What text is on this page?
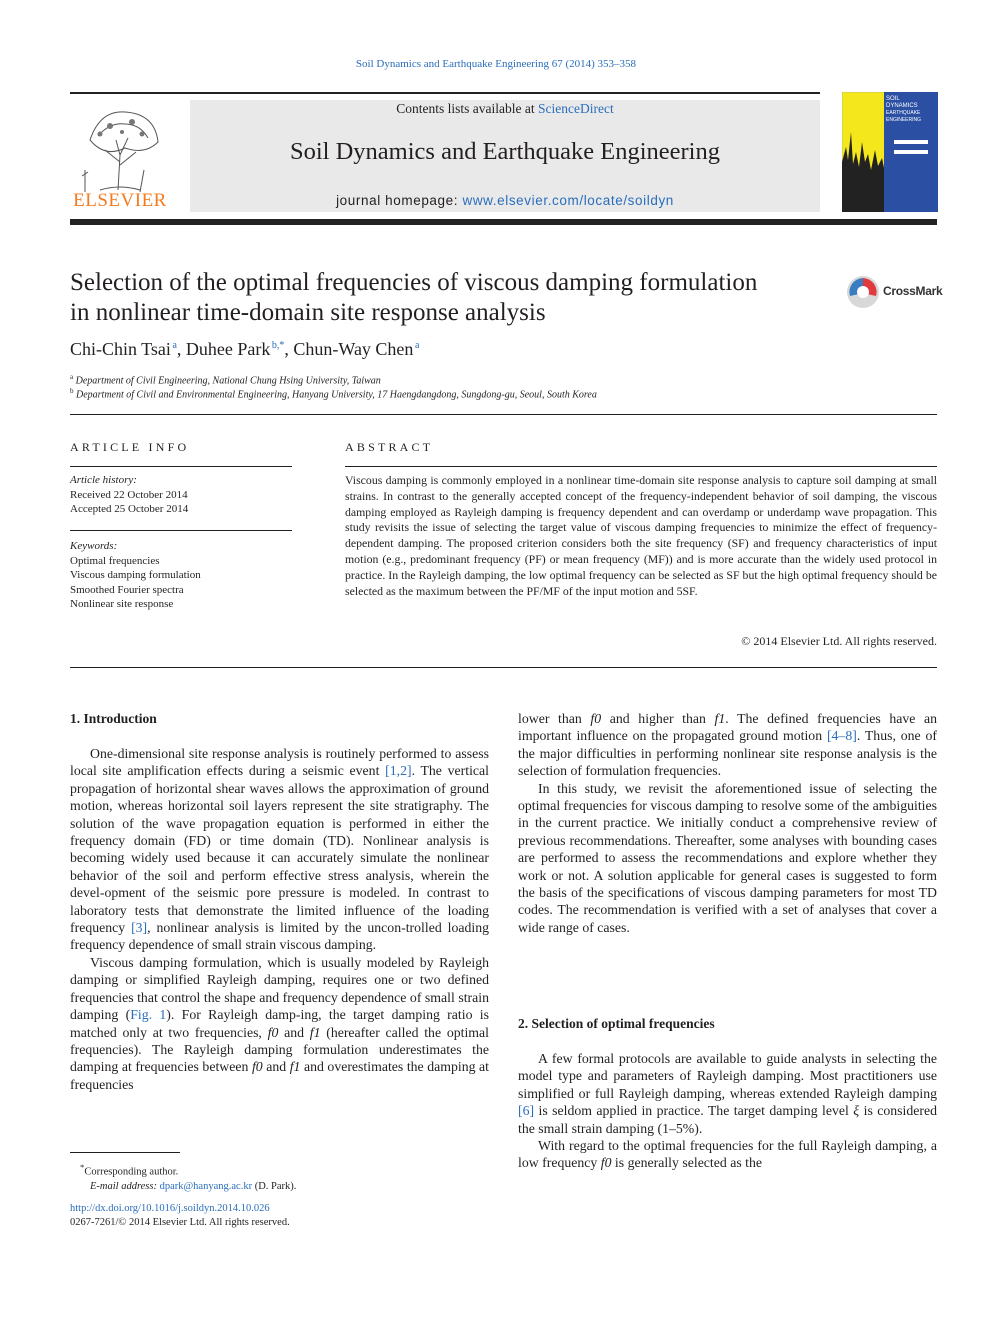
Soil Dynamics and Earthquake Engineering 67 (2014) 353–358
ELSEVIER
Contents lists available at ScienceDirect
Soil Dynamics and Earthquake Engineering
journal homepage: www.elsevier.com/locate/soildyn
SOIL
DYNAMICS
EARTHQUAKE
ENGINEERING
Selection of the optimal frequencies of viscous damping formulation
in nonlinear time-domain site response analysis
CrossMark
Chi-Chin Tsai  $^a$, Duhee Park  $^{b,*}$, Chun-Way Chen  $^a$
$^a$ Department of Civil Engineering, National Chung Hsing University, Taiwan
$^b$ Department of Civil and Environmental Engineering, Hanyang University, 17 Haengdangdong, Sungdong-gu, Seoul, South Korea
ARTICLE INFO
Article history:
Received 22 October 2014
Accepted 25 October 2014
Keywords:
Optimal frequencies
Viscous damping formulation
Smoothed Fourier spectra
Nonlinear site response
ABSTRACT
Viscous damping is commonly employed in a nonlinear time-domain site response analysis to capture soil damping at small strains. In contrast to the generally accepted concept of the frequency-independent behavior of soil damping, the viscous damping employed as Rayleigh damping is frequency dependent and can overdamp or underdamp wave propagation. This study revisits the issue of selecting the target value of viscous damping frequencies to minimize the effect of frequency-dependent damping. The proposed criterion considers both the site frequency (SF) and frequency characteristics of input motion (e.g., predominant frequency (PF) or mean frequency (MF)) and is more accurate than the widely used protocol in practice. In the Rayleigh damping, the low optimal frequency can be selected as SF but the high optimal frequency should be selected as the maximum between the PF/MF of the input motion and 5SF.
© 2014 Elsevier Ltd. All rights reserved.
1. Introduction

One-dimensional site response analysis is routinely performed to assess local site amplification effects during a seismic event [1,2]. The vertical propagation of horizontal shear waves allows the approximation of ground motion, whereas horizontal soil layers represent the site stratigraphy. The solution of the wave propagation equation is performed in either the frequency domain (FD) or time domain (TD). Nonlinear analysis is becoming widely used because it can accurately simulate the nonlinear behavior of the soil and perform effective stress analysis, wherein the devel-opment of the seismic pore pressure is modeled. In contrast to laboratory tests that demonstrate the limited influence of the loading frequency [3], nonlinear analysis is limited by the uncon-trolled loading frequency dependence of small strain viscous damping.

Viscous damping formulation, which is usually modeled by Rayleigh damping or simplified Rayleigh damping, requires one or two defined frequencies that control the shape and frequency dependence of small strain damping (Fig. 1). For Rayleigh damp-ing, the target damping ratio is matched only at two frequencies, f0 and f1 (hereafter called the optimal frequencies). The Rayleigh damping formulation underestimates the damping at frequencies between f0 and f1 and overestimates the damping at frequencies

lower than f0 and higher than f1. The defined frequencies have an important influence on the propagated ground motion [4–8]. Thus, one of the major difficulties in performing nonlinear site response analysis is the selection of formulation frequencies.

In this study, we revisit the aforementioned issue of selecting the optimal frequencies for viscous damping to resolve some of the ambiguities in the current practice. We initially conduct a comprehensive review of previous recommendations. Thereafter, some analyses with bounding cases are performed to assess the recommendations and explore whether they work or not. A solution applicable for general cases is suggested to form the basis of the specifications of viscous damping parameters for most TD codes. The recommendation is verified with a set of analyses that cover a wide range of cases.

2. Selection of optimal frequencies

A few formal protocols are available to guide analysts in selecting the model type and parameters of Rayleigh damping. Most practitioners use simplified or full Rayleigh damping, whereas extended Rayleigh damping [6] is seldom applied in practice. The target damping level ξ is considered the small strain damping (1–5%).

With regard to the optimal frequencies for the full Rayleigh damping, a low frequency f0 is generally selected as the

*Corresponding author.
E-mail address: dpark@hanyang.ac.kr (D. Park).
http://dx.doi.org/10.1016/j.soildyn.2014.10.026
0267-7261/© 2014 Elsevier Ltd. All rights reserved.
